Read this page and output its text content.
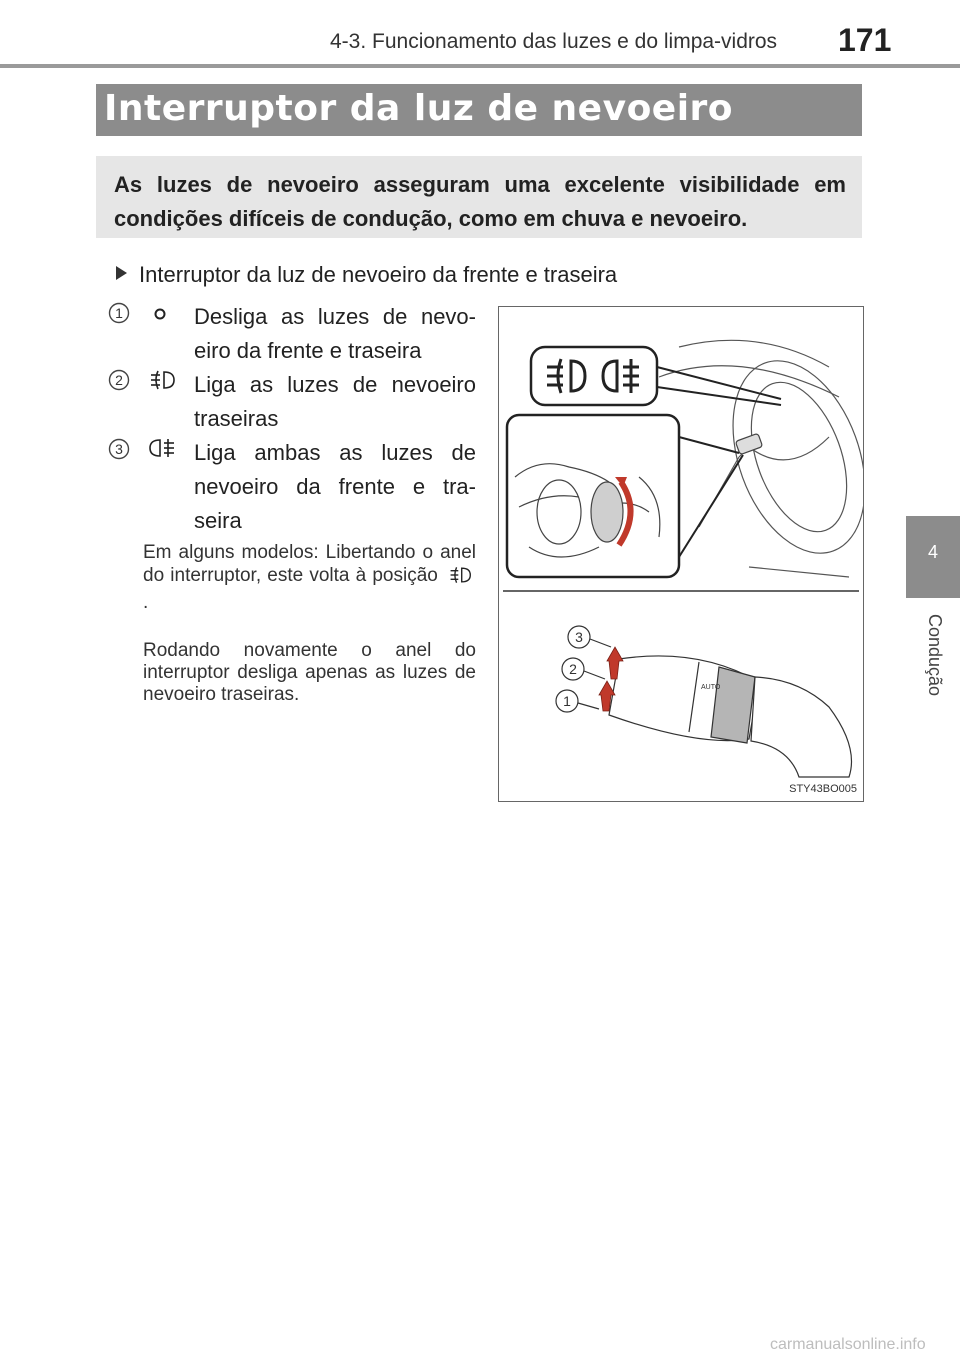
4-3. Funcionamento das luzes e do limpa-vidros 171
Interruptor da luz de nevoeiro

As luzes de nevoeiro asseguram uma excelente visibilidade em condições difíceis de condução, como em chuva e nevoeiro.

Interruptor da luz de nevoeiro da frente e traseira
1	Desliga as luzes de nevo-eiro da frente e traseira
2	Liga as luzes de nevoeiro traseiras
3	Liga ambas as luzes de nevoeiro da frente e tra-seira
Em alguns modelos: Libertando o anel do interruptor, este volta à posição .
Rodando novamente o anel do interruptor desliga apenas as luzes de nevoeiro traseiras.	AUTO
3
2
1
STY43BO005
4
Condução
carmanualsonline.info
